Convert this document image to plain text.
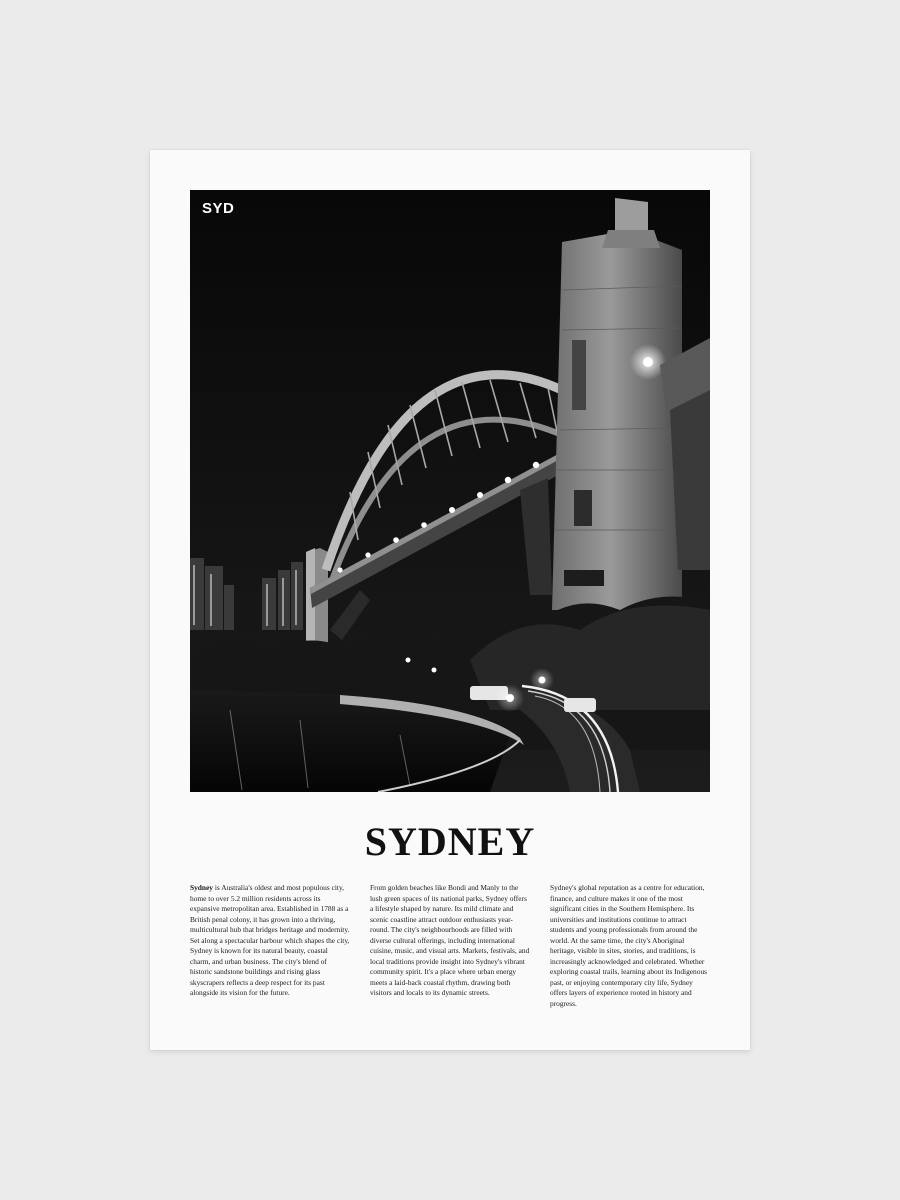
SYD
SYDNEY
Sydney is Australia's oldest and most populous city, home to over 5.2 million residents across its expansive metropolitan area. Established in 1788 as a British penal colony, it has grown into a thriving, multicultural hub that bridges heritage and modernity. Set along a spectacular harbour which shapes the city, Sydney is known for its natural beauty, coastal charm, and urban business. The city's blend of historic sandstone buildings and rising glass skyscrapers reflects a deep respect for its past alongside its vision for the future.
From golden beaches like Bondi and Manly to the lush green spaces of its national parks, Sydney offers a lifestyle shaped by nature. Its mild climate and scenic coastline attract outdoor enthusiasts year-round. The city's neighbourhoods are filled with diverse cultural offerings, including international cuisine, music, and visual arts. Markets, festivals, and local traditions provide insight into Sydney's vibrant community spirit. It's a place where urban energy meets a laid-back coastal rhythm, drawing both visitors and locals to its dynamic streets.
Sydney's global reputation as a centre for education, finance, and culture makes it one of the most significant cities in the Southern Hemisphere. Its universities and institutions continue to attract students and young professionals from around the world. At the same time, the city's Aboriginal heritage, visible in sites, stories, and traditions, is increasingly acknowledged and celebrated. Whether exploring coastal trails, learning about its Indigenous past, or enjoying contemporary city life, Sydney offers layers of experience rooted in history and progress.
